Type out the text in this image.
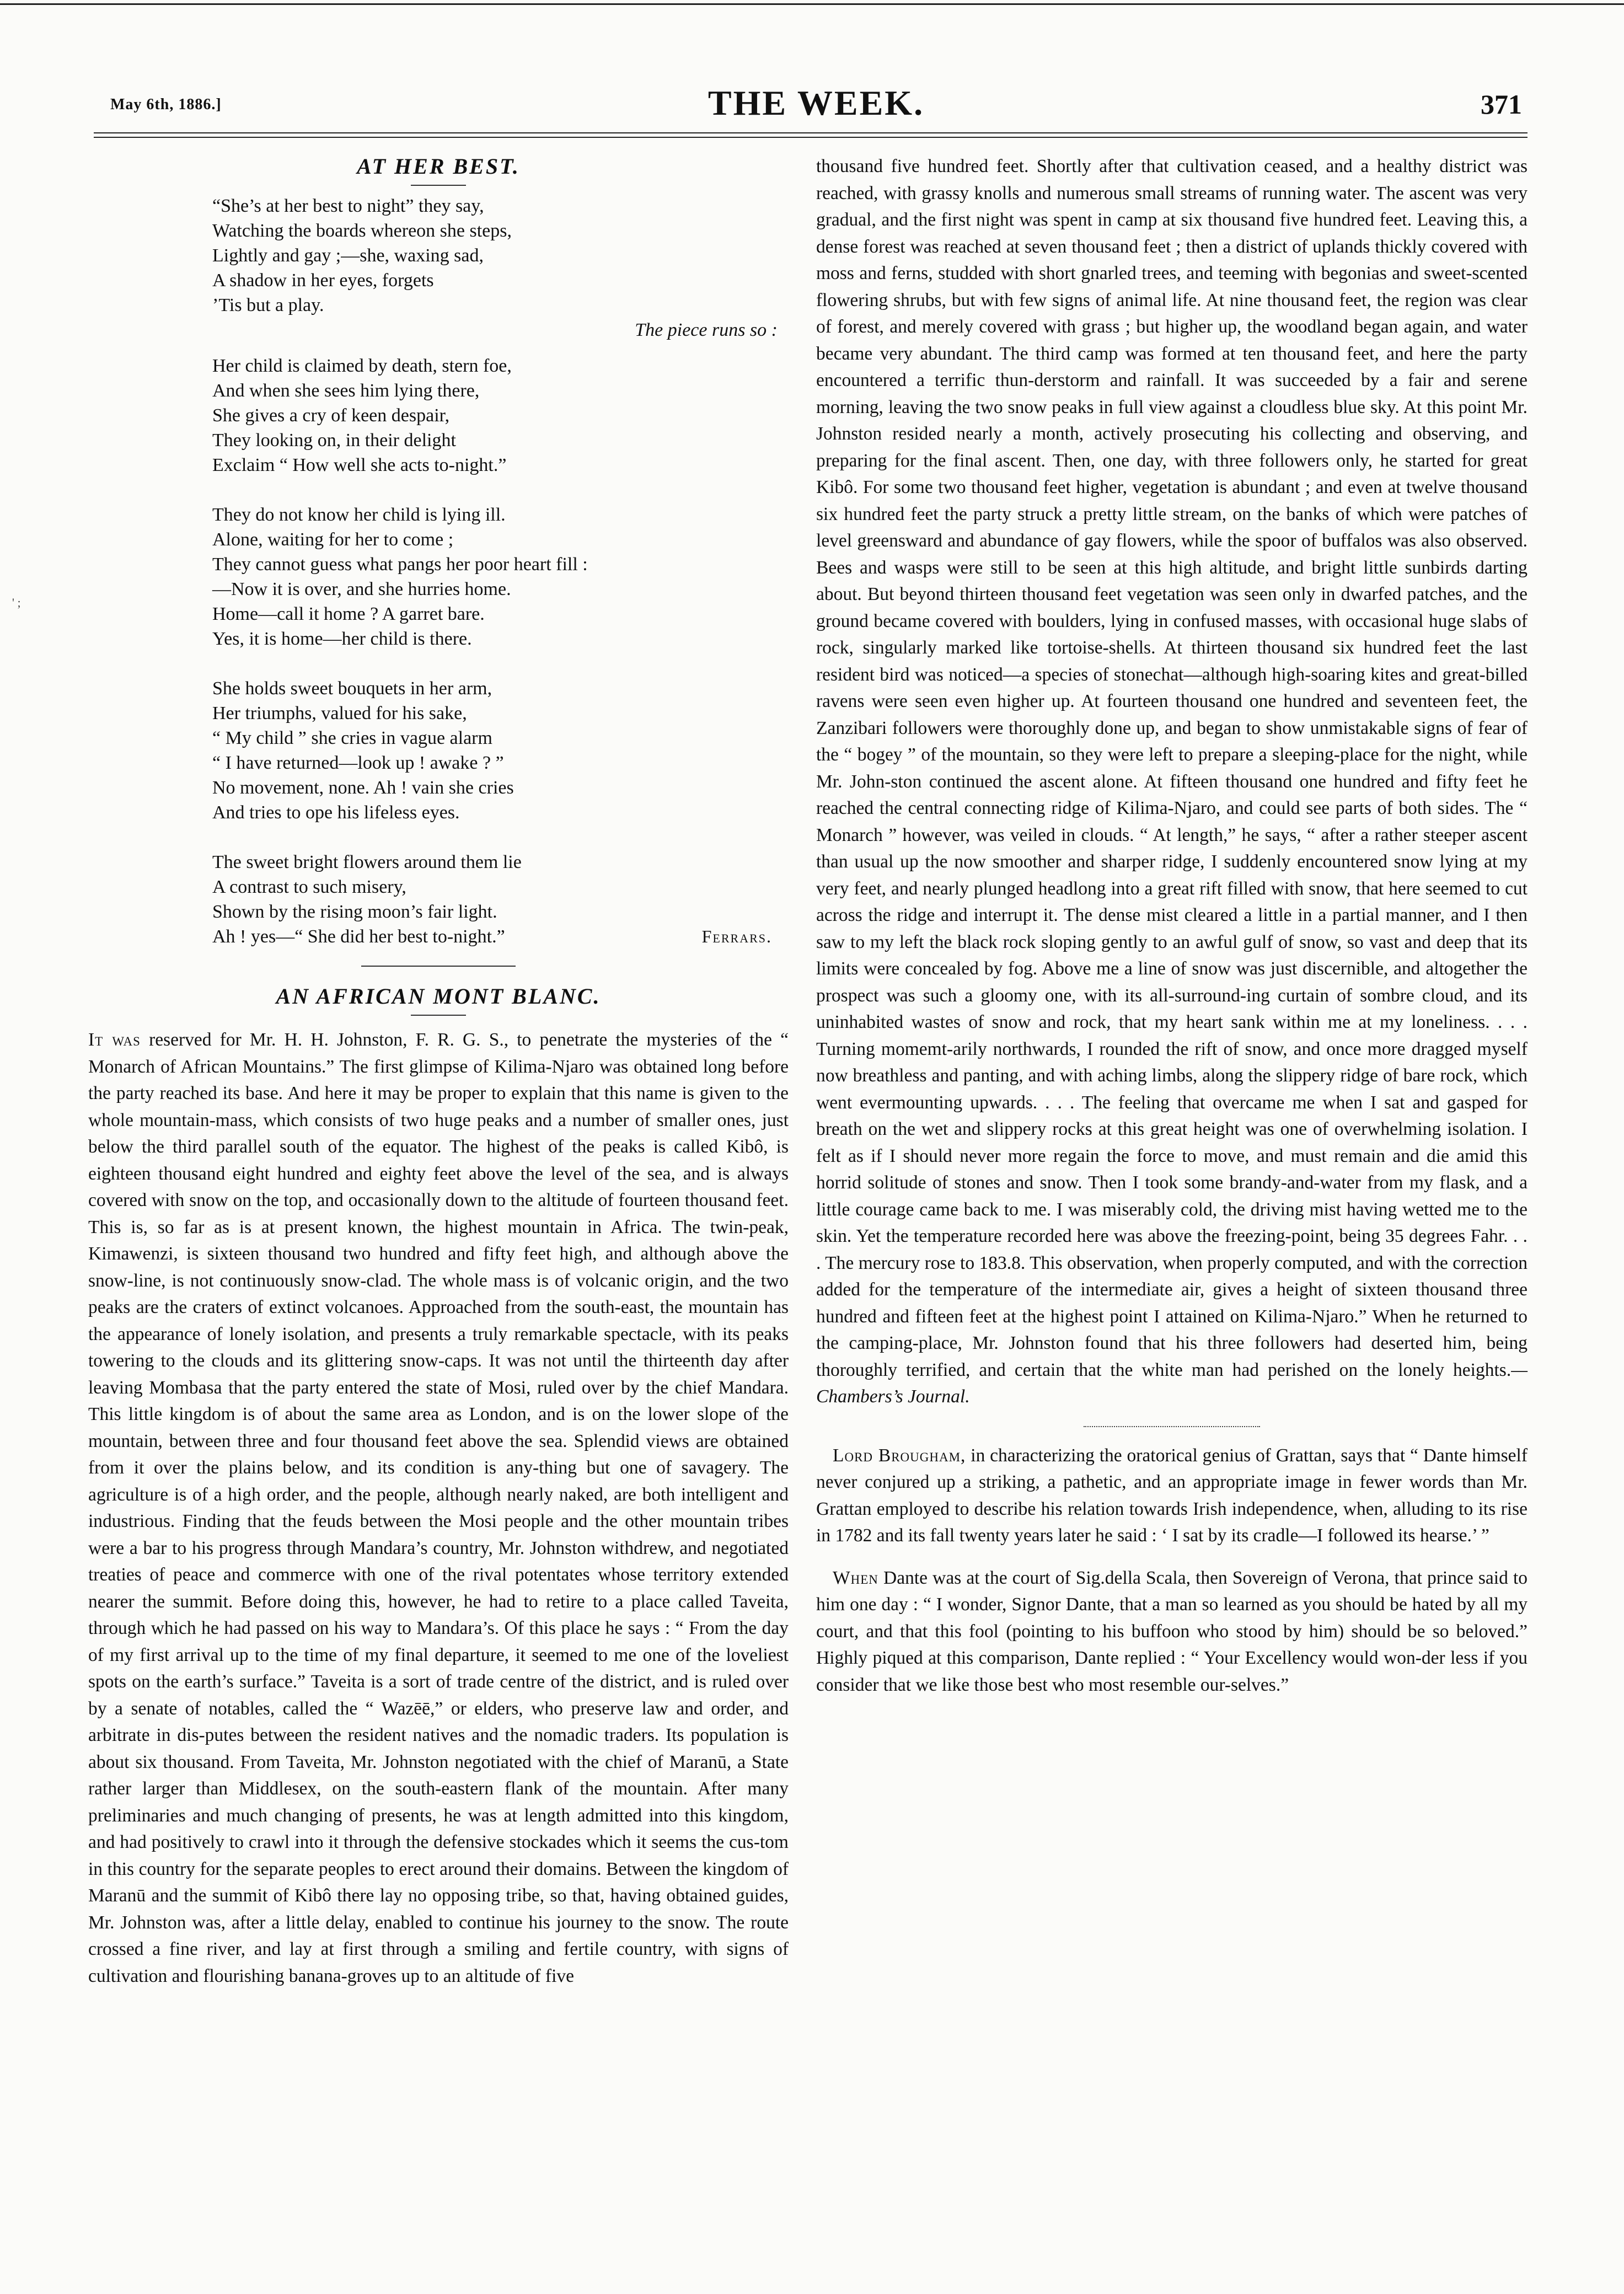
May 6th, 1886.]	THE WEEK.	371
' ;
AT HER BEST.
“She’s at her best to night” they say,
Watching the boards whereon she steps,
Lightly and gay ;—she, waxing sad,
A shadow in her eyes, forgets
’Tis but a play.
The piece runs so :
Her child is claimed by death, stern foe,
And when she sees him lying there,
She gives a cry of keen despair,
They looking on, in their delight
Exclaim “ How well she acts to-night.”
They do not know her child is lying ill.
Alone, waiting for her to come ;
They cannot guess what pangs her poor heart fill :
—Now it is over, and she hurries home.
Home—call it home ? A garret bare.
Yes, it is home—her child is there.
She holds sweet bouquets in her arm,
Her triumphs, valued for his sake,
“ My child ” she cries in vague alarm
“ I have returned—look up ! awake ? ”
No movement, none. Ah ! vain she cries
And tries to ope his lifeless eyes.
The sweet bright flowers around them lie
A contrast to such misery,
Shown by the rising moon’s fair light.
Ah ! yes—“ She did her best to-night.”	Ferrars.
AN AFRICAN MONT BLANC.

It was reserved for Mr. H. H. Johnston, F. R. G. S., to penetrate the mysteries of the “ Monarch of African Mountains.” The first glimpse of Kilima-Njaro was obtained long before the party reached its base. And here it may be proper to explain that this name is given to the whole mountain-mass, which consists of two huge peaks and a number of smaller ones, just below the third parallel south of the equator. The highest of the peaks is called Kibô, is eighteen thousand eight hundred and eighty feet above the level of the sea, and is always covered with snow on the top, and occasionally down to the altitude of fourteen thousand feet. This is, so far as is at present known, the highest mountain in Africa. The twin-peak, Kimawenzi, is sixteen thousand two hundred and fifty feet high, and although above the snow-line, is not continuously snow-clad. The whole mass is of volcanic origin, and the two peaks are the craters of extinct volcanoes. Approached from the south-east, the mountain has the appearance of lonely isolation, and presents a truly remarkable spectacle, with its peaks towering to the clouds and its glittering snow-caps. It was not until the thirteenth day after leaving Mombasa that the party entered the state of Mosi, ruled over by the chief Mandara. This little kingdom is of about the same area as London, and is on the lower slope of the mountain, between three and four thousand feet above the sea. Splendid views are obtained from it over the plains below, and its condition is any-thing but one of savagery. The agriculture is of a high order, and the people, although nearly naked, are both intelligent and industrious. Finding that the feuds between the Mosi people and the other mountain tribes were a bar to his progress through Mandara’s country, Mr. Johnston withdrew, and negotiated treaties of peace and commerce with one of the rival potentates whose territory extended nearer the summit. Before doing this, however, he had to retire to a place called Taveita, through which he had passed on his way to Mandara’s. Of this place he says : “ From the day of my first arrival up to the time of my final departure, it seemed to me one of the loveliest spots on the earth’s surface.” Taveita is a sort of trade centre of the district, and is ruled over by a senate of notables, called the “ Wazēē,” or elders, who preserve law and order, and arbitrate in dis-putes between the resident natives and the nomadic traders. Its population is about six thousand. From Taveita, Mr. Johnston negotiated with the chief of Maranū, a State rather larger than Middlesex, on the south-eastern flank of the mountain. After many preliminaries and much changing of presents, he was at length admitted into this kingdom, and had positively to crawl into it through the defensive stockades which it seems the cus-tom in this country for the separate peoples to erect around their domains. Between the kingdom of Maranū and the summit of Kibô there lay no opposing tribe, so that, having obtained guides, Mr. Johnston was, after a little delay, enabled to continue his journey to the snow. The route crossed a fine river, and lay at first through a smiling and fertile country, with signs of cultivation and flourishing banana-groves up to an altitude of five

thousand five hundred feet. Shortly after that cultivation ceased, and a healthy district was reached, with grassy knolls and numerous small streams of running water. The ascent was very gradual, and the first night was spent in camp at six thousand five hundred feet. Leaving this, a dense forest was reached at seven thousand feet ; then a district of uplands thickly covered with moss and ferns, studded with short gnarled trees, and teeming with begonias and sweet-scented flowering shrubs, but with few signs of animal life. At nine thousand feet, the region was clear of forest, and merely covered with grass ; but higher up, the woodland began again, and water became very abundant. The third camp was formed at ten thousand feet, and here the party encountered a terrific thun-derstorm and rainfall. It was succeeded by a fair and serene morning, leaving the two snow peaks in full view against a cloudless blue sky. At this point Mr. Johnston resided nearly a month, actively prosecuting his collecting and observing, and preparing for the final ascent. Then, one day, with three followers only, he started for great Kibô. For some two thousand feet higher, vegetation is abundant ; and even at twelve thousand six hundred feet the party struck a pretty little stream, on the banks of which were patches of level greensward and abundance of gay flowers, while the spoor of buffalos was also observed. Bees and wasps were still to be seen at this high altitude, and bright little sunbirds darting about. But beyond thirteen thousand feet vegetation was seen only in dwarfed patches, and the ground became covered with boulders, lying in confused masses, with occasional huge slabs of rock, singularly marked like tortoise-shells. At thirteen thousand six hundred feet the last resident bird was noticed—a species of stonechat—although high-soaring kites and great-billed ravens were seen even higher up. At fourteen thousand one hundred and seventeen feet, the Zanzibari followers were thoroughly done up, and began to show unmistakable signs of fear of the “ bogey ” of the mountain, so they were left to prepare a sleeping-place for the night, while Mr. John-ston continued the ascent alone. At fifteen thousand one hundred and fifty feet he reached the central connecting ridge of Kilima-Njaro, and could see parts of both sides. The “ Monarch ” however, was veiled in clouds. “ At length,” he says, “ after a rather steeper ascent than usual up the now smoother and sharper ridge, I suddenly encountered snow lying at my very feet, and nearly plunged headlong into a great rift filled with snow, that here seemed to cut across the ridge and interrupt it. The dense mist cleared a little in a partial manner, and I then saw to my left the black rock sloping gently to an awful gulf of snow, so vast and deep that its limits were concealed by fog. Above me a line of snow was just discernible, and altogether the prospect was such a gloomy one, with its all-surround-ing curtain of sombre cloud, and its uninhabited wastes of snow and rock, that my heart sank within me at my loneliness. . . . Turning momemt-arily northwards, I rounded the rift of snow, and once more dragged myself now breathless and panting, and with aching limbs, along the slippery ridge of bare rock, which went evermounting upwards. . . . The feeling that overcame me when I sat and gasped for breath on the wet and slippery rocks at this great height was one of overwhelming isolation. I felt as if I should never more regain the force to move, and must remain and die amid this horrid solitude of stones and snow. Then I took some brandy-and-water from my flask, and a little courage came back to me. I was miserably cold, the driving mist having wetted me to the skin. Yet the temperature recorded here was above the freezing-point, being 35 degrees Fahr. . . . The mercury rose to 183.8. This observation, when properly computed, and with the correction added for the temperature of the intermediate air, gives a height of sixteen thousand three hundred and fifteen feet at the highest point I attained on Kilima-Njaro.” When he returned to the camping-place, Mr. Johnston found that his three followers had deserted him, being thoroughly terrified, and certain that the white man had perished on the lonely heights.—Chambers’s Journal.

Lord Brougham, in characterizing the oratorical genius of Grattan, says that “ Dante himself never conjured up a striking, a pathetic, and an appropriate image in fewer words than Mr. Grattan employed to describe his relation towards Irish independence, when, alluding to its rise in 1782 and its fall twenty years later he said : ‘ I sat by its cradle—I followed its hearse.’ ”

When Dante was at the court of Sig.della Scala, then Sovereign of Verona, that prince said to him one day : “ I wonder, Signor Dante, that a man so learned as you should be hated by all my court, and that this fool (pointing to his buffoon who stood by him) should be so beloved.” Highly piqued at this comparison, Dante replied : “ Your Excellency would won-der less if you consider that we like those best who most resemble our-selves.”
